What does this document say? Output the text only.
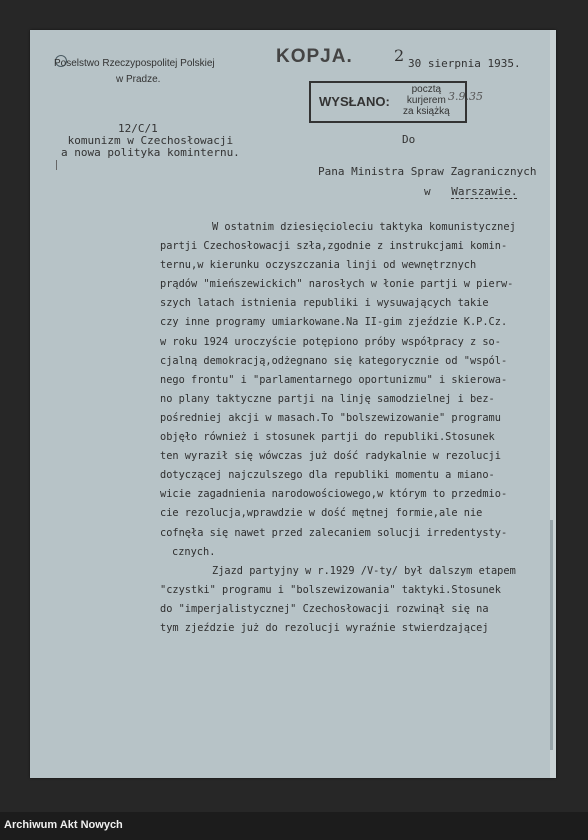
Poselstwo Rzeczypospolitej Polskiej
w Pradze.
KOPJA.	2 30 sierpnia 1935.
WYSŁANO:
pocztą
kurjerem
za książką
3.9.35
12/C/1
komunizm w Czechosłowacji
a nowa polityka kominternu.
Do
Pana Ministra Spraw Zagranicznych
w Warszawie.
W ostatnim dziesięcioleciu taktyka komunistycznej
partji Czechosłowacji szła,zgodnie z instrukcjami komin-
ternu,w kierunku oczyszczania linji od wewnętrznych
prądów "mieńszewickich" narosłych w łonie partji w pierw-
szych latach istnienia republiki i wysuwających takie
czy inne programy umiarkowane.Na II-gim zjeździe K.P.Cz.
w roku 1924 uroczyście potępiono próby współpracy z so-
cjalną demokracją,odżegnano się kategorycznie od "wspól-
nego frontu" i "parlamentarnego oportunizmu" i skierowa-
no plany taktyczne partji na linję samodzielnej i bez-
pośredniej akcji w masach.To "bolszewizowanie" programu
objęło również i stosunek partji do republiki.Stosunek
ten wyraził się wówczas już dość radykalnie w rezolucji
dotyczącej najczulszego dla republiki momentu a miano-
wicie zagadnienia narodowościowego,w którym to przedmio-
cie rezolucja,wprawdzie w dość mętnej formie,ale nie
cofnęła się nawet przed zalecaniem solucji irredentysty-
cznych.
Zjazd partyjny w r.1929 /V-ty/ był dalszym etapem
"czystki" programu i "bolszewizowania" taktyki.Stosunek
do "imperjalistycznej" Czechosłowacji rozwinął się na
tym zjeździe już do rezolucji wyraźnie stwierdzającej
Archiwum Akt Nowych
